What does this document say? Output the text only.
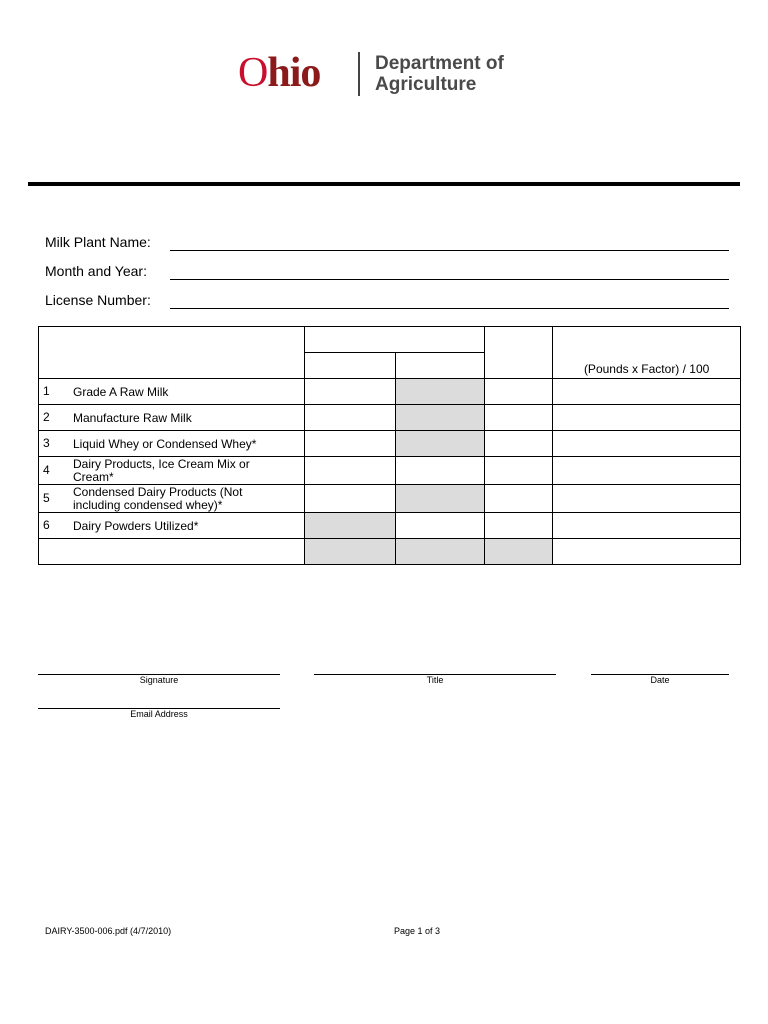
Ohio	Department of
Agriculture
Milk Plant Name:
Month and Year:
License Number:
				(Pounds x Factor) / 100

1 Grade A Raw Milk				
2 Manufacture Raw Milk				
3 Liquid Whey or Condensed Whey*				
4 Dairy Products, Ice Cream Mix or Cream*				
5 Condensed Dairy Products (Not including condensed whey)*				
6 Dairy Powders Utilized*				

Signature	Title	Date
Email Address
DAIRY-3500-006.pdf (4/7/2010)	Page 1 of 3
